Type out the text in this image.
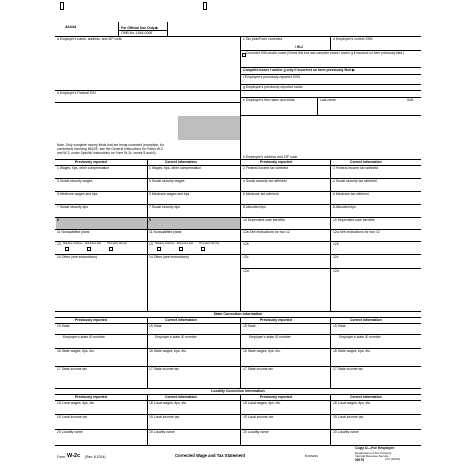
44444	For Official Use Only ▶
OMB No. 1545-0008
a Employer's name, address, and ZIP code	c Tax year/Form corrected	d Employee's correct SSN
/ W-2
Corrected SSN and/or name (Check this box and complete boxes f and/or g if incorrect on form previously filed.)
Complete boxes f and/or g only if incorrect on form previously filed ▶
b Employer's Federal EIN
f Employee's previously reported SSN
g Employee's previously reported name
e Employee's first name and initial	Last name	Suff.
Note. Only complete money fields that are being corrected (exception: for
corrections involving MQGE, see the General Instructions for Forms W-2
and W-3, under Specific Instructions for Form W-2c, boxes 5 and 6).
h Employee's address and ZIP code
Previously reported	Correct information	Previously reported	Correct information
1 Wages, tips, other compensation	1 Wages, tips, other compensation	2 Federal income tax withheld	2 Federal income tax withheld
3 Social security wages	3 Social security wages	4 Social security tax withheld	4 Social security tax withheld
5 Medicare wages and tips	5 Medicare wages and tips	6 Medicare tax withheld	6 Medicare tax withheld
7 Social security tips	7 Social security tips	8 Allocated tips	8 Allocated tips
9	9	10 Dependent care benefits	10 Dependent care benefits
11 Nonqualified plans	11 Nonqualified plans	12a See instructions for box 12	12a See instructions for box 12
13 Statutory employee Retirement plan	Third-party sick pay	13 Statutory employee Retirement plan	Third-party sick pay	12b	12b
14 Other (see instructions)	14 Other (see instructions)	12c	12c
12d	12d
State Correction Information
Previously reported	Correct information	Previously reported	Correct information
15 State	15 State	15 State	15 State
Employer's state ID number	Employer's state ID number	Employer's state ID number	Employer's state ID number
16 State wages, tips, etc.	16 State wages, tips, etc.	16 State wages, tips, etc.	16 State wages, tips, etc.
17 State income tax	17 State income tax	17 State income tax	17 State income tax
Locality Correction Information
Previously reported	Correct information	Previously reported	Correct information
18 Local wages, tips, etc.	18 Local wages, tips, etc.	18 Local wages, tips, etc.	18 Local wages, tips, etc.
19 Local income tax	19 Local income tax	19 Local income tax	19 Local income tax
20 Locality name	20 Locality name	20 Locality name	20 Locality name
Copy D—For Employer
Form W-2c (Rev. 8-2014)	Corrected Wage and Tax Statement	BUSINESS
Department of the Treasury
Internal Revenue Service
5007S	1077 (SCF04)
